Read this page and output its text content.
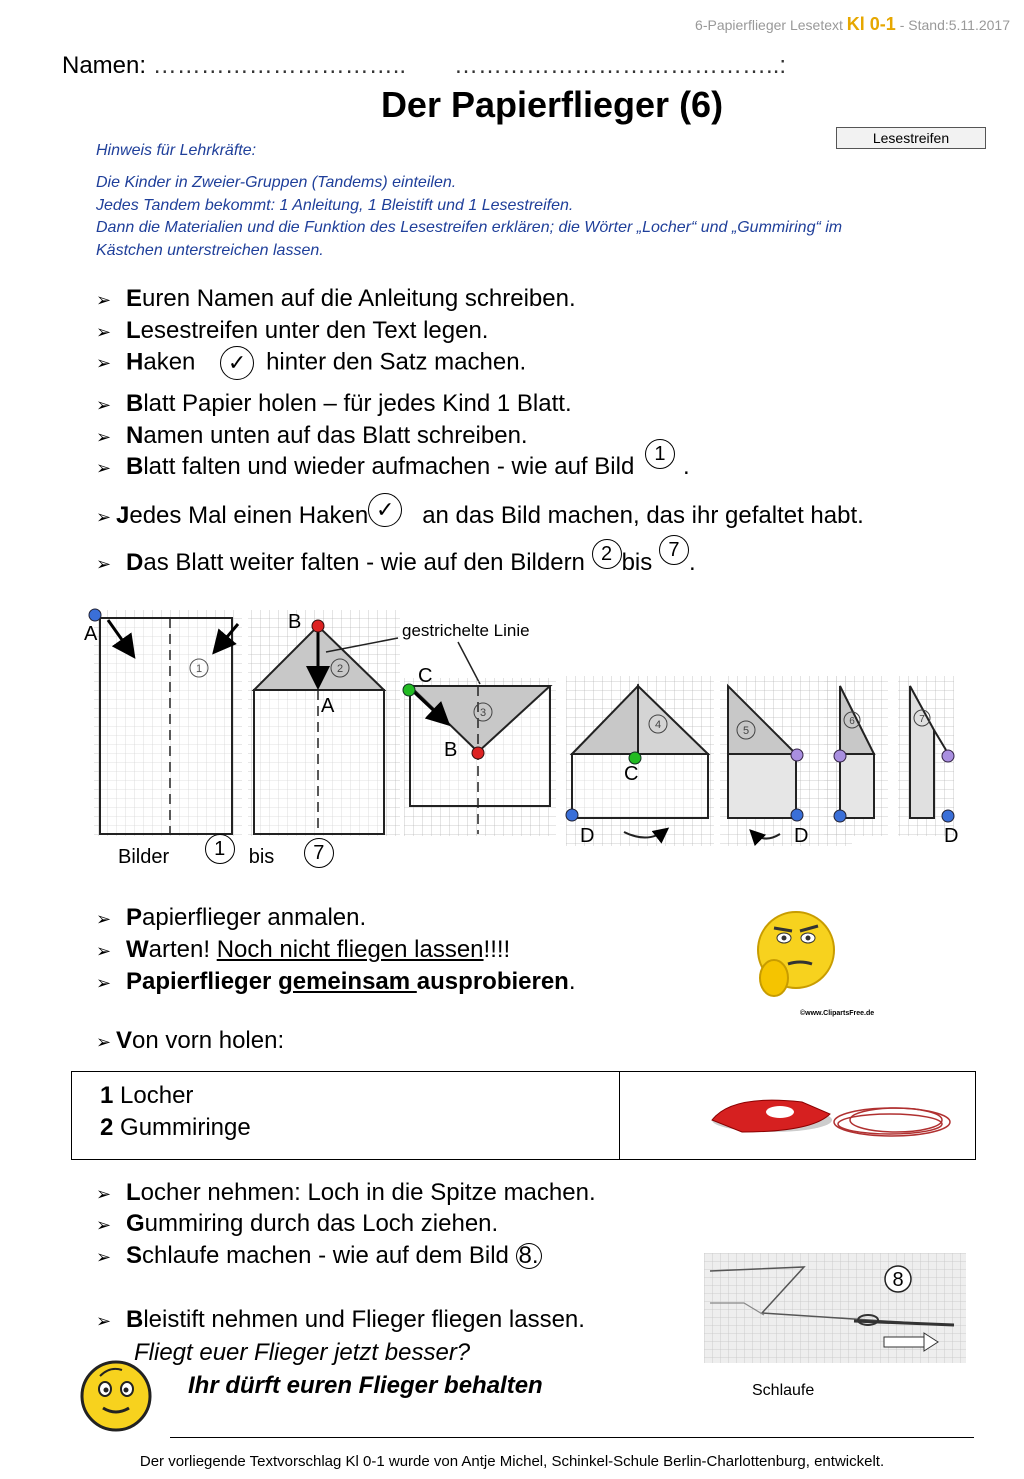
6-Papierflieger Lesetext Kl 0-1 - Stand:5.11.2017
Namen: ………………………….. …………………………………..:
Der Papierflieger (6)
Lesestreifen
Hinweis für Lehrkräfte:
Die Kinder in Zweier-Gruppen (Tandems) einteilen.
Jedes Tandem bekommt: 1 Anleitung, 1 Bleistift und 1 Lesestreifen.
Dann die Materialien und die Funktion des Lesestreifen erklären; die Wörter „Locher“ und „Gummiring“ im
Kästchen unterstreichen lassen.
➢ Euren Namen auf die Anleitung schreiben.
➢ Lesestreifen unter den Text legen.
➢ Haken ✓ hinter den Satz machen.
➢ Blatt Papier holen – für jedes Kind 1 Blatt.
➢ Namen unten auf das Blatt schreiben.
➢ Blatt falten und wieder aufmachen - wie auf Bild 1 .
➢ Jedes Mal einen Haken ✓ an das Bild machen, das ihr gefaltet habt.
➢ Das Blatt weiter falten - wie auf den Bildern 2 bis 7 .
1
A
2
B
A
gestrichelte Linie
3
C
B
4
C
D
5
D
6	7
D
Bilder 1 bis 7
➢ Papierflieger anmalen.
➢ Warten! Noch nicht fliegen lassen!!!!
➢ Papierflieger gemeinsam ausprobieren.
➢ Von vorn holen:
©www.ClipartsFree.de
1 Locher
2 Gummiringe
➢ Locher nehmen: Loch in die Spitze machen.
➢ Gummiring durch das Loch ziehen.
➢ Schlaufe machen - wie auf dem Bild 8.
➢ Bleistift nehmen und Flieger fliegen lassen.
Fliegt euer Flieger jetzt besser?
Ihr dürft euren Flieger behalten
8
Schlaufe
Der vorliegende Textvorschlag Kl 0-1 wurde von Antje Michel, Schinkel-Schule Berlin-Charlottenburg, entwickelt.
